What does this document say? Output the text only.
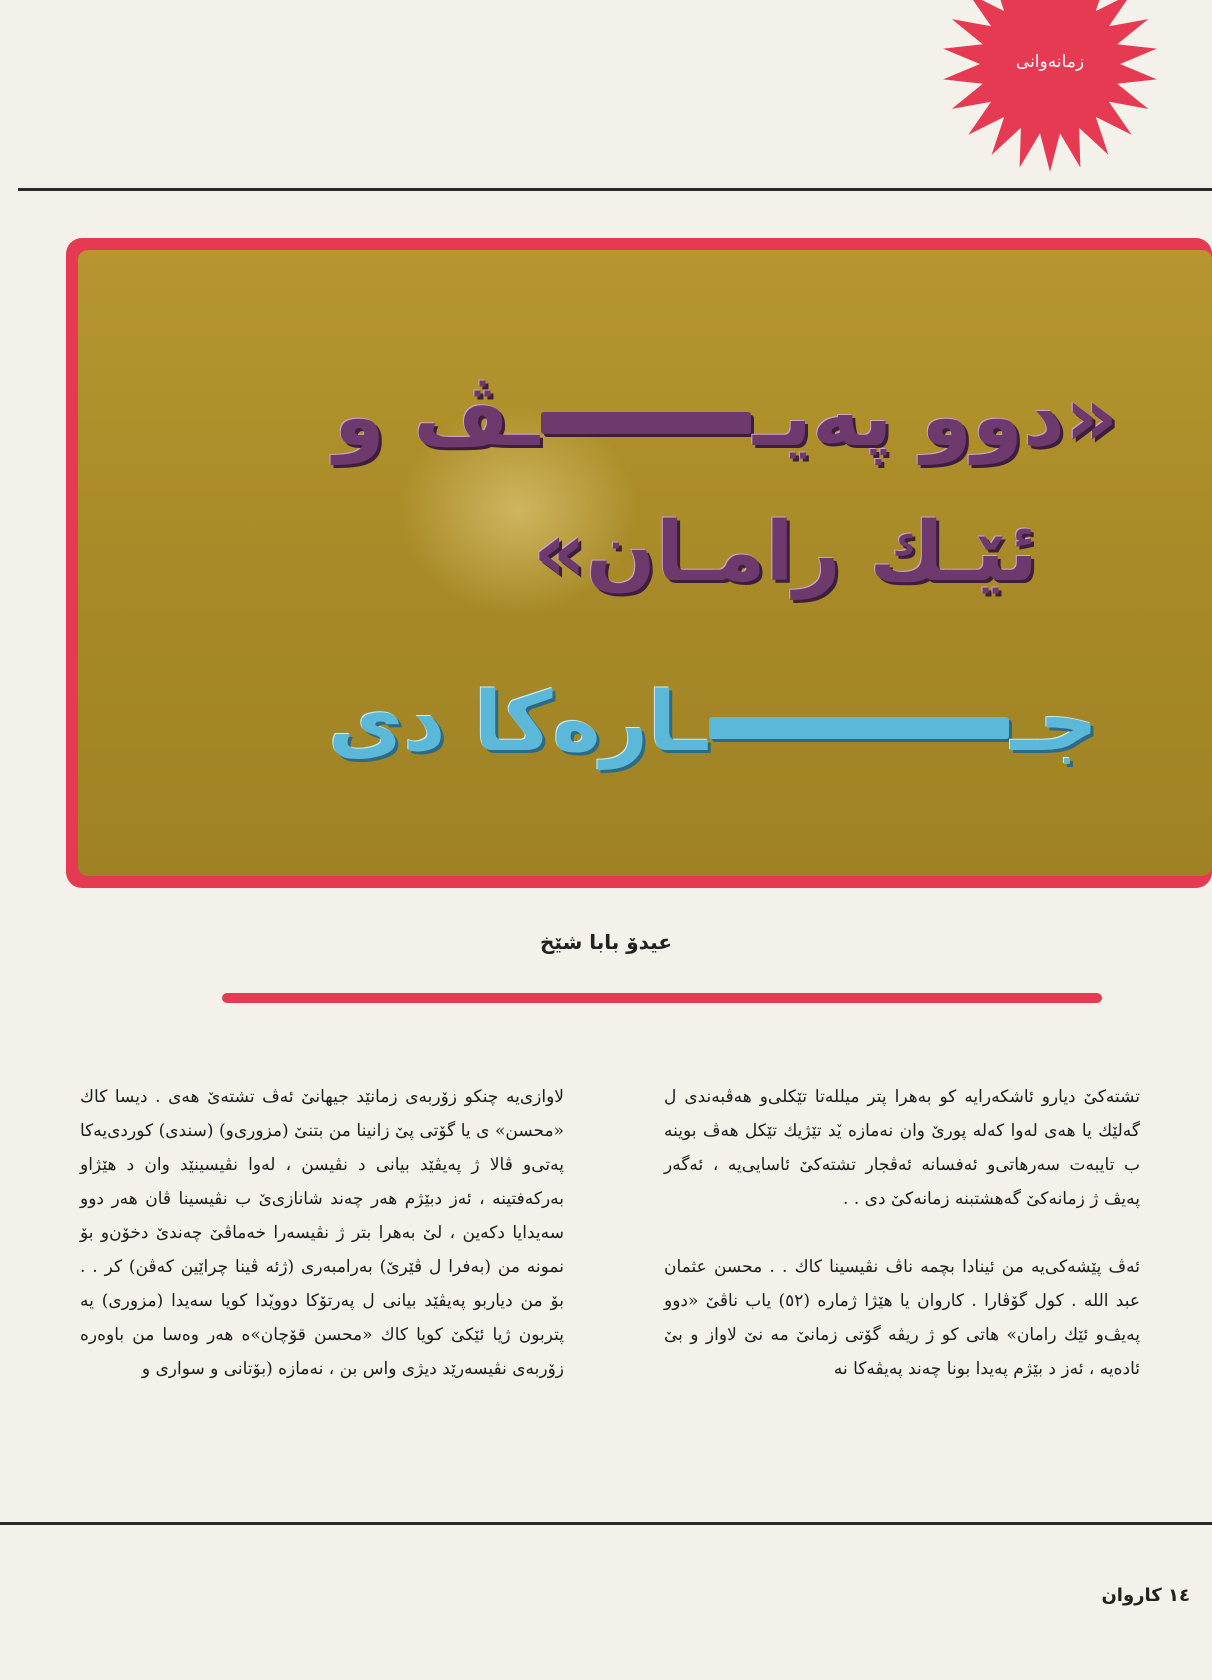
زمانه‌وانی
«دوو په‌یــڤ و
ئێـك رامـان»
جــاره‌کا دی
عیدۆ بابا شێخ

تشته‌کیٚ دیارو ئاشکه‌رایه کو به‌هرا پتر میلله‌تا تێکلی‌و هه‌ڤبه‌ندی ل گه‌لێك یا هه‌ی له‌وا که‌له پوریٚ وان نه‌مازه یٚد تێژیك تێکل هه‌ڤ بوینه ب تایبه‌ت سه‌رهاتی‌و ئه‌فسانه ئه‌ڤجار تشته‌کیٚ ئاسایی‌یه ، ئه‌گه‌ر په‌یڤ ژ زمانه‌کیٚ گه‌هشتبنه زمانه‌کیٚ دی . .

ئه‌ڤ پێشه‌کی‌یه من ئینادا بچمه ناڤ نڤیسینا کاك . . محسن عثمان عبد الله . کول گۆڤارا . کاروان یا هێژا ژماره (٥٢) یاب ناڤیٚ «دوو په‌یڤ‌و ئێك رامان» هاتی کو ژ ریڤه گۆتی زمانیٚ مه نێ لاواز و بیٚ ئاده‌یه ، ئه‌ز د بێژم په‌یدا بونا چه‌ند په‌یڤه‌کا نه

لاوازی‌یه چنکو زۆربه‌ی زمانێد جیهانیٚ ئه‌ڤ تشته‌یٚ هه‌ی . دیسا کاك «محسن» ی یا گۆتی پیٚ زانینا من بتنیٚ (مزوری‌و) (سندی) کوردی‌یه‌کا په‌تی‌و ڤالا ژ په‌یڤێد بیانی د نڤیسن ، له‌وا نڤیسینێد وان د هێژاو به‌رکه‌فتینه ، ئه‌ز دبێژم هه‌ر چه‌ند شانازی‌یٚ ب نڤیسینا ڤان هه‌ر دوو سه‌یدایا دکه‌ین ، لیٚ به‌هرا بتر ژ نڤیسه‌را خه‌ماڤیٚ چه‌ندیٚ دخۆن‌و بۆ نمونه من (به‌فرا ل ڤێریٚ) به‌رامبه‌ری (ژئه ڤینا چراێین که‌ڤن) کر . . بۆ من دیاربو په‌یڤێد بیانی ل په‌رتۆکا دوویٚدا کویا سه‌یدا (مزوری) یه پتربون ژیا ئێکیٚ کویا کاك «محسن قۆچان»ه هه‌ر وه‌سا من باوه‌ره زۆربه‌ی نڤیسه‌رێد دیژی واس بن ، نه‌مازه (بۆتانی و سواری و

١٤ کاروان
